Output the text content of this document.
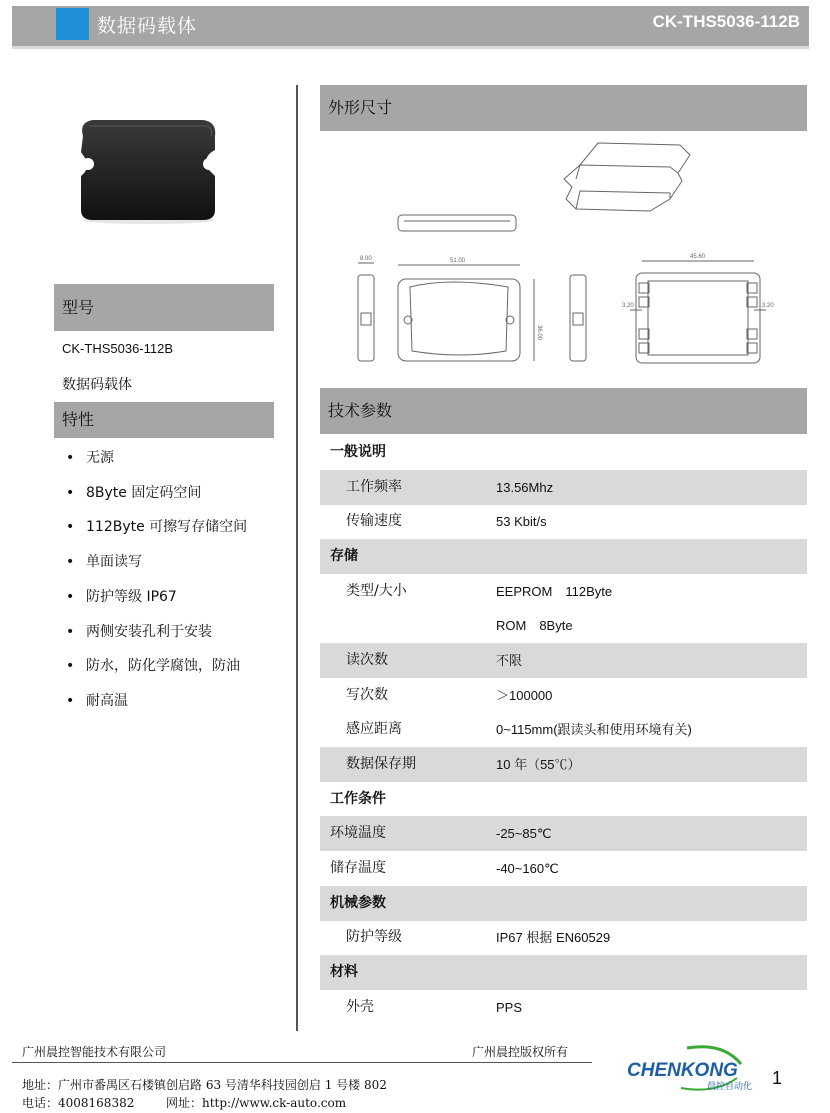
数据码载体	CK-THS5036-112B
型号
CK-THS5036-112B
数据码载体
特性
• 无源
• 8Byte 固定码空间
• 112Byte 可擦写存储空间
• 单面读写
• 防护等级 IP67
• 两侧安装孔利于安装
• 防水，防化学腐蚀，防油
• 耐高温
外形尺寸
8.00	51.00
36.00
45.60
3.20	3.20
技术参数
一般说明
工作频率	13.56Mhz
传输速度	53 Kbit/s
存储
类型/大小	EEPROM　112Byte
ROM　8Byte
读次数	不限
写次数	＞100000
感应距离	0~115mm(跟读头和使用环境有关)
数据保存期	10 年（55℃）
工作条件
环境温度	-25~85℃
储存温度	-40~160℃
机械参数
防护等级	IP67 根据 EN60529
材料
外壳	PPS
广州晨控智能技术有限公司	广州晨控版权所有
地址：广州市番禺区石楼镇创启路 63 号清华科技园创启 1 号楼 802
电话：4008168382	网址：http://www.ck-auto.com
CHENKONG
晨控自动化 1
